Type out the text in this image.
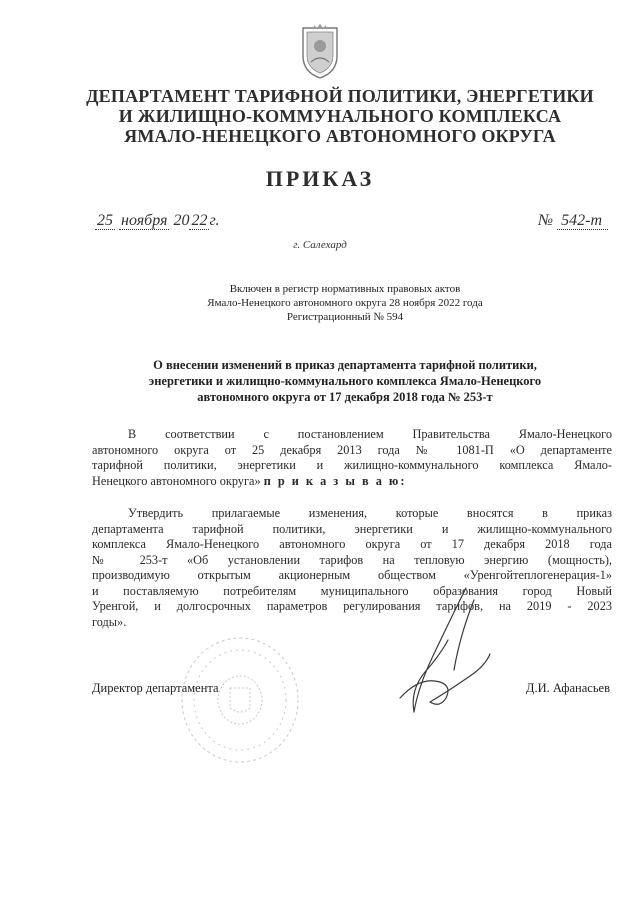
ДЕПАРТАМЕНТ ТАРИФНОЙ ПОЛИТИКИ, ЭНЕРГЕТИКИ
И ЖИЛИЩНО-КОММУНАЛЬНОГО КОМПЛЕКСА
ЯМАЛО-НЕНЕЦКОГО АВТОНОМНОГО ОКРУГА
ПРИКАЗ
25 ноября 20 22 г.	№ 542-т
г. Салехард
Включен в регистр нормативных правовых актов
Ямало-Ненецкого автономного округа 28 ноября 2022 года
Регистрационный № 594
О внесении изменений в приказ департамента тарифной политики,
энергетики и жилищно-коммунального комплекса Ямало-Ненецкого
автономного округа от 17 декабря 2018 года № 253-т
В соответствии с постановлением Правительства Ямало-Ненецкого
автономного округа от 25 декабря 2013 года № 1081-П «О департаменте
тарифной политики, энергетики и жилищно-коммунального комплекса Ямало-
Ненецкого автономного округа» п р и к а з ы в а ю:
Утвердить прилагаемые изменения, которые вносятся в приказ
департамента тарифной политики, энергетики и жилищно-коммунального
комплекса Ямало-Ненецкого автономного округа от 17 декабря 2018 года
№ 253-т «Об установлении тарифов на тепловую энергию (мощность),
производимую открытым акционерным обществом «Уренгойтеплогенерация-1»
и поставляемую потребителям муниципального образования город Новый
Уренгой, и долгосрочных параметров регулирования тарифов, на 2019 - 2023
годы».
Директор департамента	Д.И. Афанасьев
